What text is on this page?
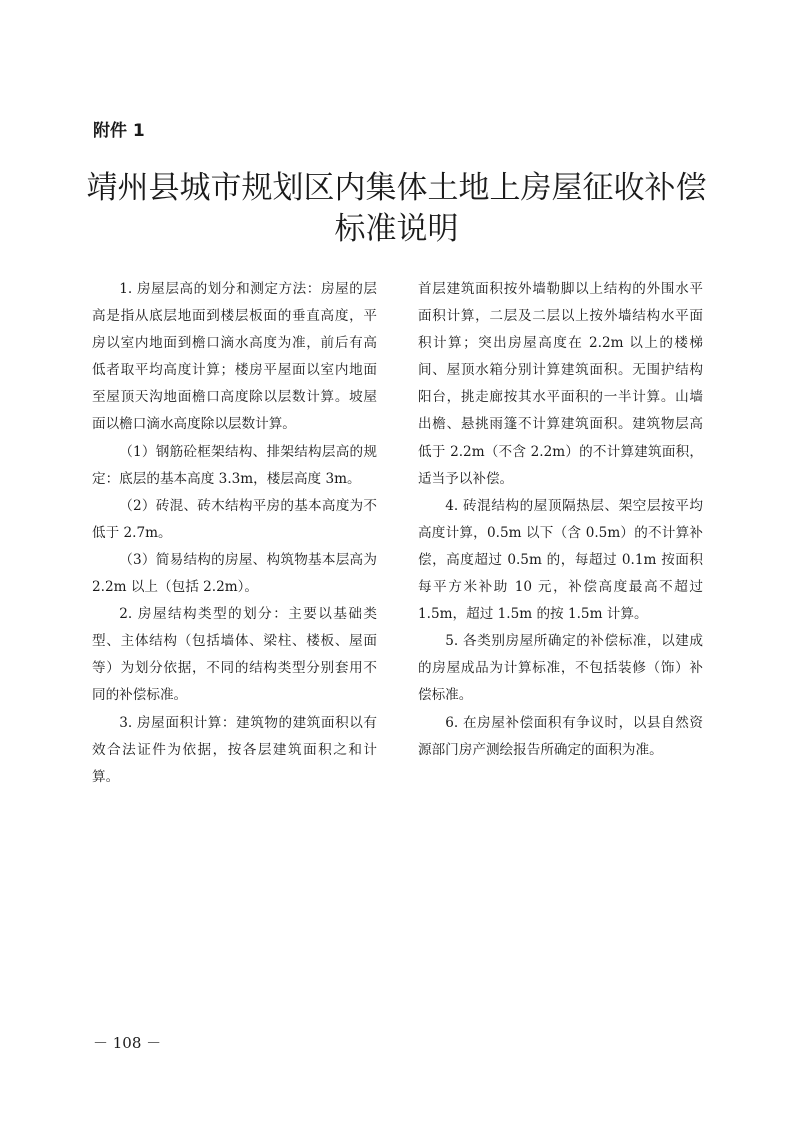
附件 1
靖州县城市规划区内集体土地上房屋征收补偿
标准说明

1. 房屋层高的划分和测定方法：房屋的层高是指从底层地面到楼层板面的垂直高度，平房以室内地面到檐口滴水高度为准，前后有高低者取平均高度计算；楼房平屋面以室内地面至屋顶天沟地面檐口高度除以层数计算。坡屋面以檐口滴水高度除以层数计算。

（1）钢筋砼框架结构、排架结构层高的规定：底层的基本高度 3.3m，楼层高度 3m。

（2）砖混、砖木结构平房的基本高度为不低于 2.7m。

（3）简易结构的房屋、构筑物基本层高为 2.2m 以上（包括 2.2m）。

2. 房屋结构类型的划分：主要以基础类型、主体结构（包括墙体、梁柱、楼板、屋面等）为划分依据，不同的结构类型分别套用不同的补偿标准。

3. 房屋面积计算：建筑物的建筑面积以有效合法证件为依据，按各层建筑面积之和计算。

首层建筑面积按外墙勒脚以上结构的外围水平面积计算，二层及二层以上按外墙结构水平面积计算；突出房屋高度在 2.2m 以上的楼梯间、屋顶水箱分别计算建筑面积。无围护结构阳台，挑走廊按其水平面积的一半计算。山墙出檐、悬挑雨篷不计算建筑面积。建筑物层高低于 2.2m（不含 2.2m）的不计算建筑面积，适当予以补偿。

4. 砖混结构的屋顶隔热层、架空层按平均高度计算，0.5m 以下（含 0.5m）的不计算补偿，高度超过 0.5m 的，每超过 0.1m 按面积每平方米补助 10 元，补偿高度最高不超过 1.5m，超过 1.5m 的按 1.5m 计算。

5. 各类别房屋所确定的补偿标准，以建成的房屋成品为计算标准，不包括装修（饰）补偿标准。

6. 在房屋补偿面积有争议时，以县自然资源部门房产测绘报告所确定的面积为准。

－ 108 －
